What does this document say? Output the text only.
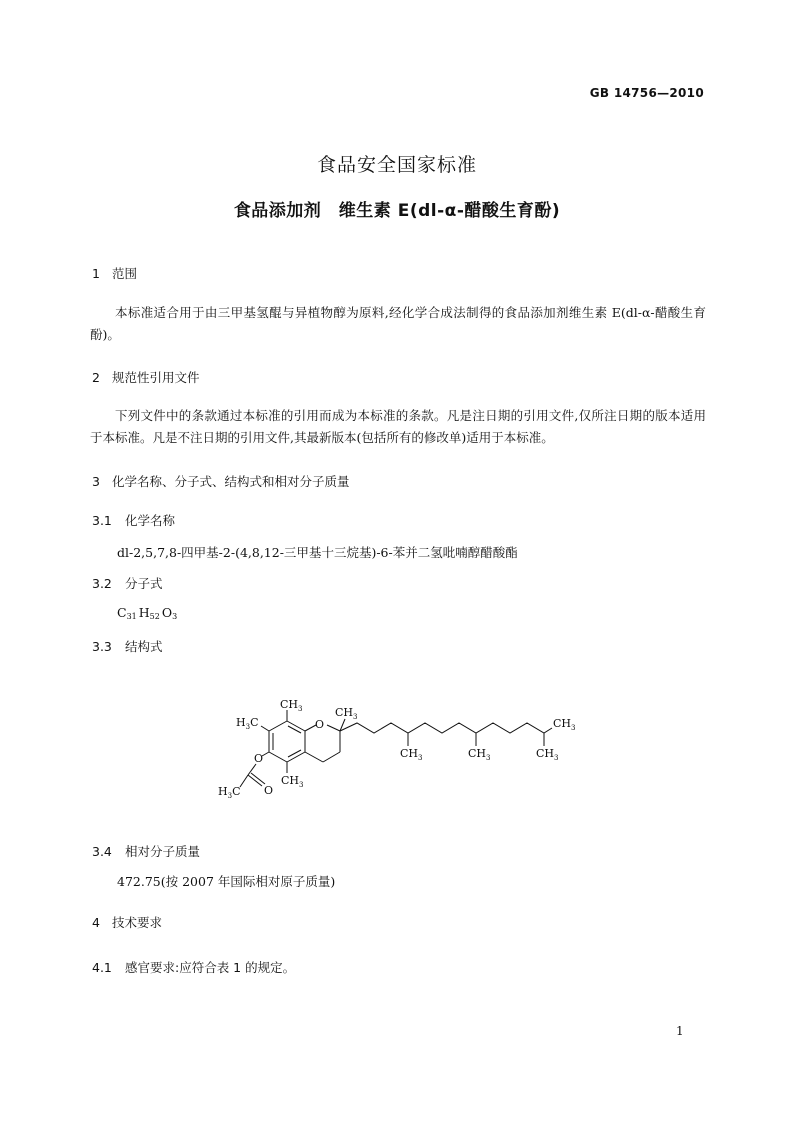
GB 14756—2010
食品安全国家标准
食品添加剂　维生素 E(dl-α-醋酸生育酚)
1 范围
本标准适合用于由三甲基氢醌与异植物醇为原料,经化学合成法制得的食品添加剂维生素 E(dl-α-醋酸生育酚)。
2 规范性引用文件
下列文件中的条款通过本标准的引用而成为本标准的条款。凡是注日期的引用文件,仅所注日期的版本适用于本标准。凡是不注日期的引用文件,其最新版本(包括所有的修改单)适用于本标准。
3 化学名称、分子式、结构式和相对分子质量
3.1 化学名称
dl-2,5,7,8-四甲基-2-(4,8,12-三甲基十三烷基)-6-苯并二氢吡喃醇醋酸酯
3.2 分子式
$C_{31}$ $H_{52}$ $O_3$
3.3 结构式
$CH_3$
$H_3C$	O
$CH_3$	$CH_3$
$CH_3$	$CH_3$	$CH_3$
O
O
$H_3C$
$CH_3$
3.4 相对分子质量
472.75(按 2007 年国际相对原子质量)
4 技术要求
4.1 感官要求:应符合表 1 的规定。
1
